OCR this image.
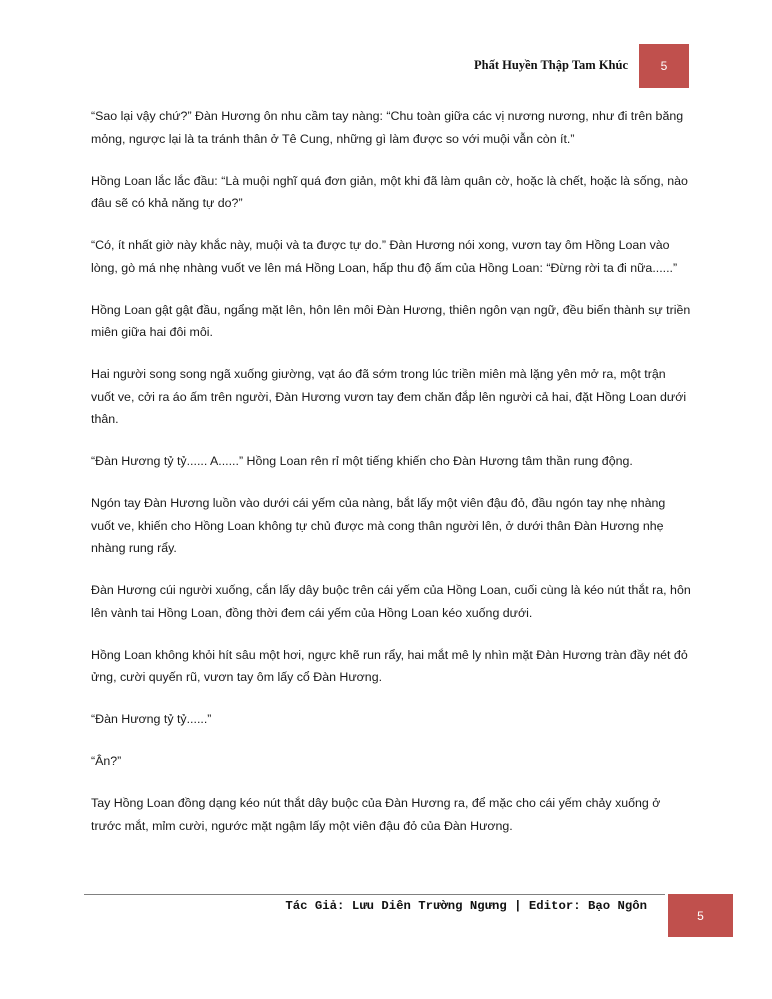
Phất Huyền Thập Tam Khúc	5

“Sao lại vậy chứ?” Đàn Hương ôn nhu cầm tay nàng: “Chu toàn giữa các vị nương nương, như đi trên băng mỏng, ngược lại là ta tránh thân ở Tê Cung, những gì làm được so với muội vẫn còn ít.”

Hồng Loan lắc lắc đầu: “Là muội nghĩ quá đơn giản, một khi đã làm quân cờ, hoặc là chết, hoặc là sống, nào đâu sẽ có khả năng tự do?”

“Có, ít nhất giờ này khắc này, muội và ta được tự do.” Đàn Hương nói xong, vươn tay ôm Hồng Loan vào lòng, gò má nhẹ nhàng vuốt ve lên má Hồng Loan, hấp thu độ ấm của Hồng Loan: “Đừng rời ta đi nữa......”

Hồng Loan gật gật đầu, ngẩng mặt lên, hôn lên môi Đàn Hương, thiên ngôn vạn ngữ, đều biến thành sự triền miên giữa hai đôi môi.

Hai người song song ngã xuống giường, vạt áo đã sớm trong lúc triền miên mà lặng yên mở ra, một trận vuốt ve, cởi ra áo ấm trên người, Đàn Hương vươn tay đem chăn đắp lên người cả hai, đặt Hồng Loan dưới thân.

“Đàn Hương tỷ tỷ...... A......” Hồng Loan rên rỉ một tiếng khiến cho Đàn Hương tâm thần rung động.

Ngón tay Đàn Hương luồn vào dưới cái yếm của nàng, bắt lấy một viên đậu đỏ, đầu ngón tay nhẹ nhàng vuốt ve, khiến cho Hồng Loan không tự chủ được mà cong thân người lên, ở dưới thân Đàn Hương nhẹ nhàng rung rẩy.

Đàn Hương cúi người xuống, cắn lấy dây buộc trên cái yếm của Hồng Loan, cuối cùng là kéo nút thắt ra, hôn lên vành tai Hồng Loan, đồng thời đem cái yếm của Hồng Loan kéo xuống dưới.

Hồng Loan không khỏi hít sâu một hơi, ngực khẽ run rẩy, hai mắt mê ly nhìn mặt Đàn Hương tràn đầy nét đỏ ửng, cười quyến rũ, vươn tay ôm lấy cổ Đàn Hương.

“Đàn Hương tỷ tỷ......”

“Ân?”

Tay Hồng Loan đồng dạng kéo nút thắt dây buộc của Đàn Hương ra, để mặc cho cái yếm chảy xuống ở trước mắt, mỉm cười, ngước mặt ngậm lấy một viên đậu đỏ của Đàn Hương.

Tác Giả: Lưu Diên Trường Ngưng | Editor: Bạo Ngôn
5
